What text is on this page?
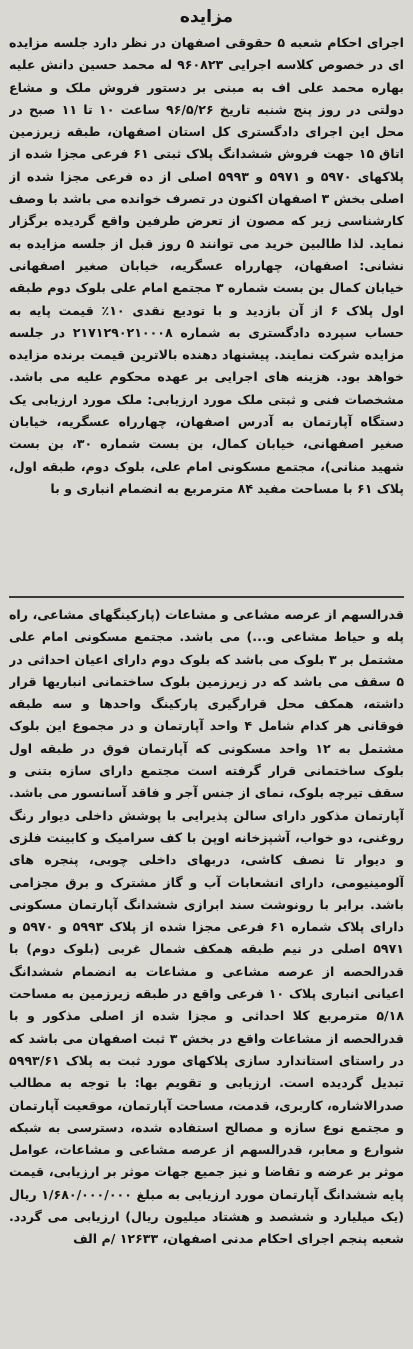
مزایده
اجرای احکام شعبه ۵ حقوقی اصفهان در نظر دارد جلسه مزایده ای در خصوص کلاسه اجرایی ۹۶۰۸۲۳ له محمد حسین دانش علیه بهاره محمد علی اف به مبنی بر دستور فروش ملک و مشاع دولتی در روز پنج شنبه تاریخ ۹۶/۵/۲۶ ساعت ۱۰ تا ۱۱ صبح در محل این اجرای دادگستری کل استان اصفهان، طبقه زیرزمین اتاق ۱۵ جهت فروش ششدانگ پلاک ثبتی ۶۱ فرعی مجزا شده از پلاکهای ۵۹۷۰ و ۵۹۷۱ و ۵۹۹۳ اصلی از ده فرعی مجزا شده از اصلی بخش ۳ اصفهان اکنون در تصرف خوانده می باشد با وصف کارشناسی زیر که مصون از تعرض طرفین واقع گردیده برگزار نماید. لذا طالبین خرید می توانند ۵ روز قبل از جلسه مزایده به نشانی: اصفهان، چهارراه عسگریه، خیابان صغیر اصفهانی خیابان کمال بن بست شماره ۳ مجتمع امام علی بلوک دوم طبقه اول پلاک ۶ از آن بازدید و با تودیع نقدی ۱۰٪ قیمت پایه به حساب سپرده دادگستری به شماره ۲۱۷۱۲۹۰۲۱۰۰۰۸ در جلسه مزایده شرکت نمایند. پیشنهاد دهنده بالاترین قیمت برنده مزایده خواهد بود. هزینه های اجرایی بر عهده محکوم علیه می باشد. مشخصات فنی و ثبتی ملک مورد ارزیابی: ملک مورد ارزیابی یک دستگاه آپارتمان به آدرس اصفهان، چهارراه عسگریه، خیابان صغیر اصفهانی، خیابان کمال، بن بست شماره ۳۰، بن بست شهید منانی)، مجتمع مسکونی امام علی، بلوک دوم، طبقه اول، پلاک ۶۱ با مساحت مفید ۸۴ مترمربع به انضمام انباری و با
قدرالسهم از عرصه مشاعی و مشاعات (پارکینگهای مشاعی، راه پله و حیاط مشاعی و...) می باشد. مجتمع مسکونی امام علی مشتمل بر ۳ بلوک می باشد که بلوک دوم دارای اعیان احداثی در ۵ سقف می باشد که در زیرزمین بلوک ساختمانی انباریها قرار داشته، همکف محل قرارگیری پارکینگ واحدها و سه طبقه فوقانی هر کدام شامل ۴ واحد آپارتمان و در مجموع این بلوک مشتمل به ۱۲ واحد مسکونی که آپارتمان فوق در طبقه اول بلوک ساختمانی قرار گرفته است مجتمع دارای سازه بتنی و سقف تیرچه بلوک، نمای از جنس آجر و فاقد آسانسور می باشد. آپارتمان مذکور دارای سالن پذیرایی با پوشش داخلی دیوار رنگ روغنی، دو خواب، آشپزخانه اوپن با کف سرامیک و کابینت فلزی و دیوار تا نصف کاشی، دربهای داخلی چوبی، پنجره های آلومینیومی، دارای انشعابات آب و گاز مشترک و برق مجزامی باشد. برابر با رونوشت سند ابرازی ششدانگ آپارتمان مسکونی دارای پلاک شماره ۶۱ فرعی مجزا شده از پلاک ۵۹۹۳ و ۵۹۷۰ و ۵۹۷۱ اصلی در نیم طبقه همکف شمال غربی (بلوک دوم) با قدرالحصه از عرصه مشاعی و مشاعات به انضمام ششدانگ اعیانی انباری پلاک ۱۰ فرعی واقع در طبقه زیرزمین به مساحت ۵/۱۸ مترمربع کلا احداثی و مجزا شده از اصلی مذکور و با قدرالحصه از مشاعات واقع در بخش ۳ ثبت اصفهان می باشد که در راستای استاندارد سازی پلاکهای مورد ثبت به پلاک ۵۹۹۳/۶۱ تبدیل گردیده است. ارزیابی و تقویم بها: با توجه به مطالب صدرالاشاره، کاربری، قدمت، مساحت آپارتمان، موقعیت آپارتمان و مجتمع نوع سازه و مصالح استفاده شده، دسترسی به شبکه شوارع و معابر، قدرالسهم از عرصه مشاعی و مشاعات، عوامل موثر بر عرضه و تقاضا و نیز جمیع جهات موثر بر ارزیابی، قیمت پایه ششدانگ آپارتمان مورد ارزیابی به مبلغ ۱/۶۸۰/۰۰۰/۰۰۰ ریال (یک میلیارد و ششصد و هشتاد میلیون ریال) ارزیابی می گردد. شعبه پنجم اجرای احکام مدنی اصفهان، ۱۲۶۳۳ /م الف
